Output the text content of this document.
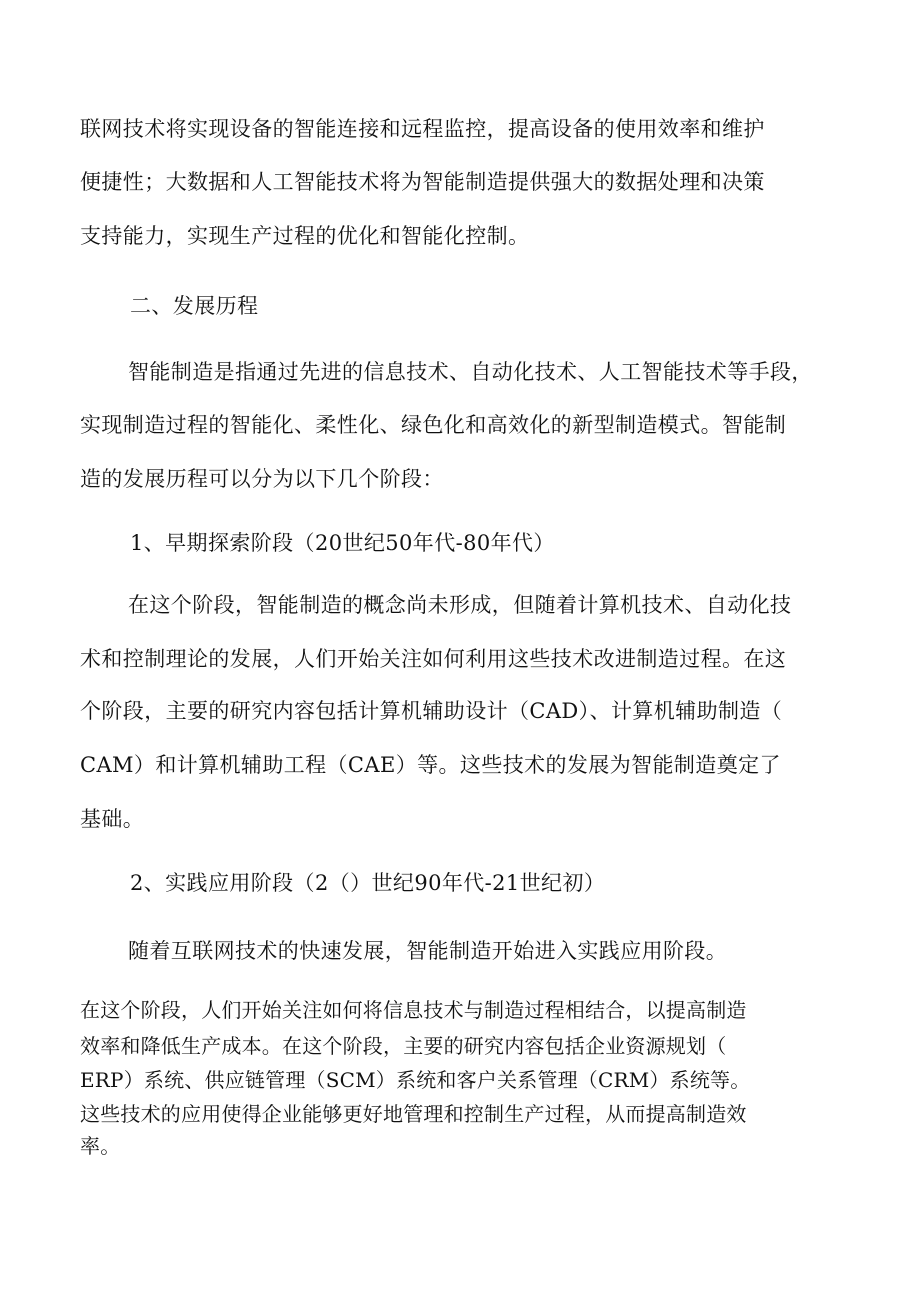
联网技术将实现设备的智能连接和远程监控，提高设备的使用效率和维护
便捷性；大数据和人工智能技术将为智能制造提供强大的数据处理和决策
支持能力，实现生产过程的优化和智能化控制。
二、发展历程
智能制造是指通过先进的信息技术、自动化技术、人工智能技术等手段，
实现制造过程的智能化、柔性化、绿色化和高效化的新型制造模式。智能制
造的发展历程可以分为以下几个阶段：
1、早期探索阶段（20世纪50年代-80年代）
在这个阶段，智能制造的概念尚未形成，但随着计算机技术、自动化技
术和控制理论的发展，人们开始关注如何利用这些技术改进制造过程。在这
个阶段，主要的研究内容包括计算机辅助设计（CAD）、计算机辅助制造（
CAM）和计算机辅助工程（CAE）等。这些技术的发展为智能制造奠定了
基础。
2、实践应用阶段（2（）世纪90年代-21世纪初）
随着互联网技术的快速发展，智能制造开始进入实践应用阶段。
在这个阶段，人们开始关注如何将信息技术与制造过程相结合，以提高制造
效率和降低生产成本。在这个阶段，主要的研究内容包括企业资源规划（
ERP）系统、供应链管理（SCM）系统和客户关系管理（CRM）系统等。
这些技术的应用使得企业能够更好地管理和控制生产过程，从而提高制造效
率。
